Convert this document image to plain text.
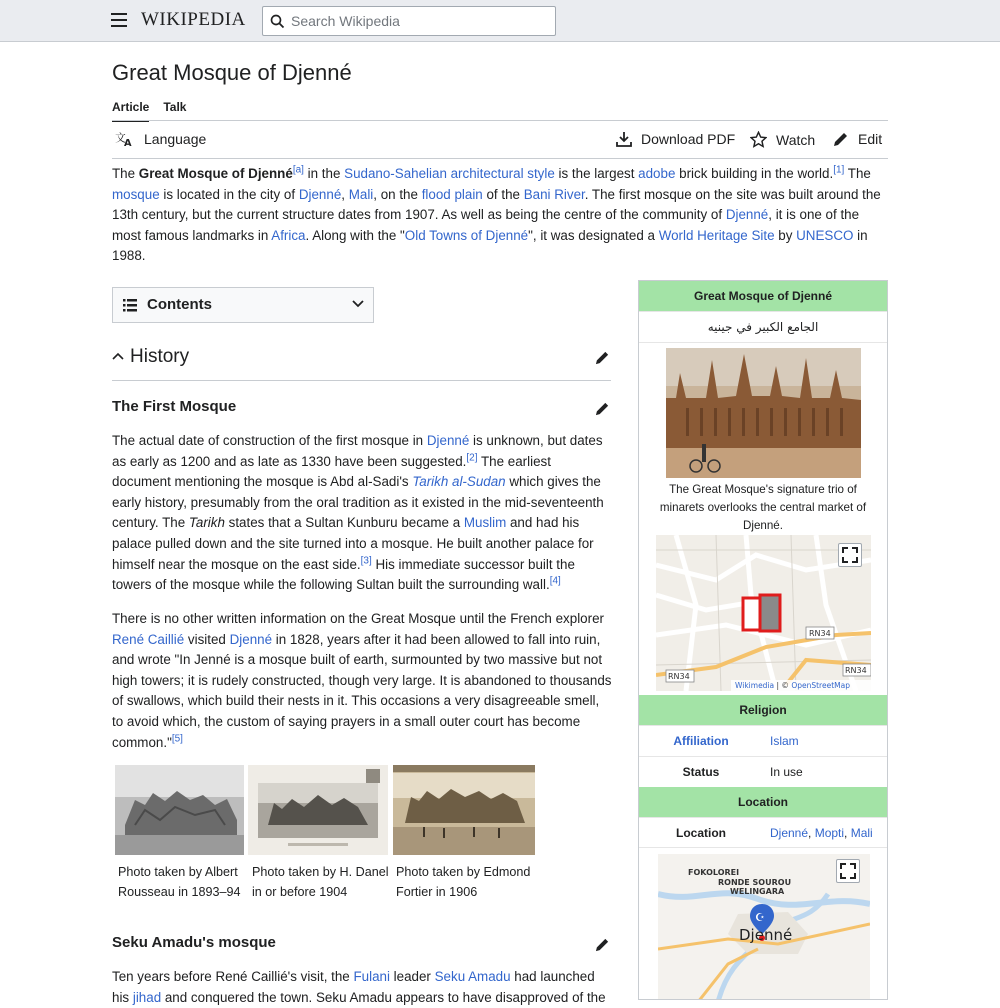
WIKIPEDIA
Search Wikipedia
Great Mosque of Djenné
Article Talk
文
A Language	Download PDF	Watch	Edit

The Great Mosque of Djenné[a] in the Sudano-Sahelian architectural style is the largest adobe brick building in the world.[1] The mosque is located in the city of Djenné, Mali, on the flood plain of the Bani River. The first mosque on the site was built around the 13th century, but the current structure dates from 1907. As well as being the centre of the community of Djenné, it is one of the most famous landmarks in Africa. Along with the "Old Towns of Djenné", it was designated a World Heritage Site by UNESCO in 1988.

Contents
History
The First Mosque

The actual date of construction of the first mosque in Djenné is unknown, but dates as early as 1200 and as late as 1330 have been suggested.[2] The earliest document mentioning the mosque is Abd al-Sadi's Tarikh al-Sudan which gives the early history, presumably from the oral tradition as it existed in the mid-seventeenth century. The Tarikh states that a Sultan Kunburu became a Muslim and had his palace pulled down and the site turned into a mosque. He built another palace for himself near the mosque on the east side.[3] His immediate successor built the towers of the mosque while the following Sultan built the surrounding wall.[4]

There is no other written information on the Great Mosque until the French explorer René Caillié visited Djenné in 1828, years after it had been allowed to fall into ruin, and wrote "In Jenné is a mosque built of earth, surmounted by two massive but not high towers; it is rudely constructed, though very large. It is abandoned to thousands of swallows, which build their nests in it. This occasions a very disagreeable smell, to avoid which, the custom of saying prayers in a small outer court has become common."[5]

Photo taken by Albert Rousseau in 1893–94
Photo taken by H. Danel in or before 1904
Photo taken by Edmond Fortier in 1906
Seku Amadu's mosque

Ten years before René Caillié's visit, the Fulani leader Seku Amadu had launched his jihad and conquered the town. Seku Amadu appears to have disapproved of the

Great Mosque of Djenné
الجامع الكبير في جينيه
The Great Mosque's signature trio of minarets overlooks the central market of Djenné.
RN34
RN34
RN34
Wikimedia | © OpenStreetMap
Religion
Affiliation	Islam
Status	In use
Location
Location	Djenné, Mopti, Mali
FOKOLOREI
RONDE SOUROU
WELINGARA
☪
Djenné
